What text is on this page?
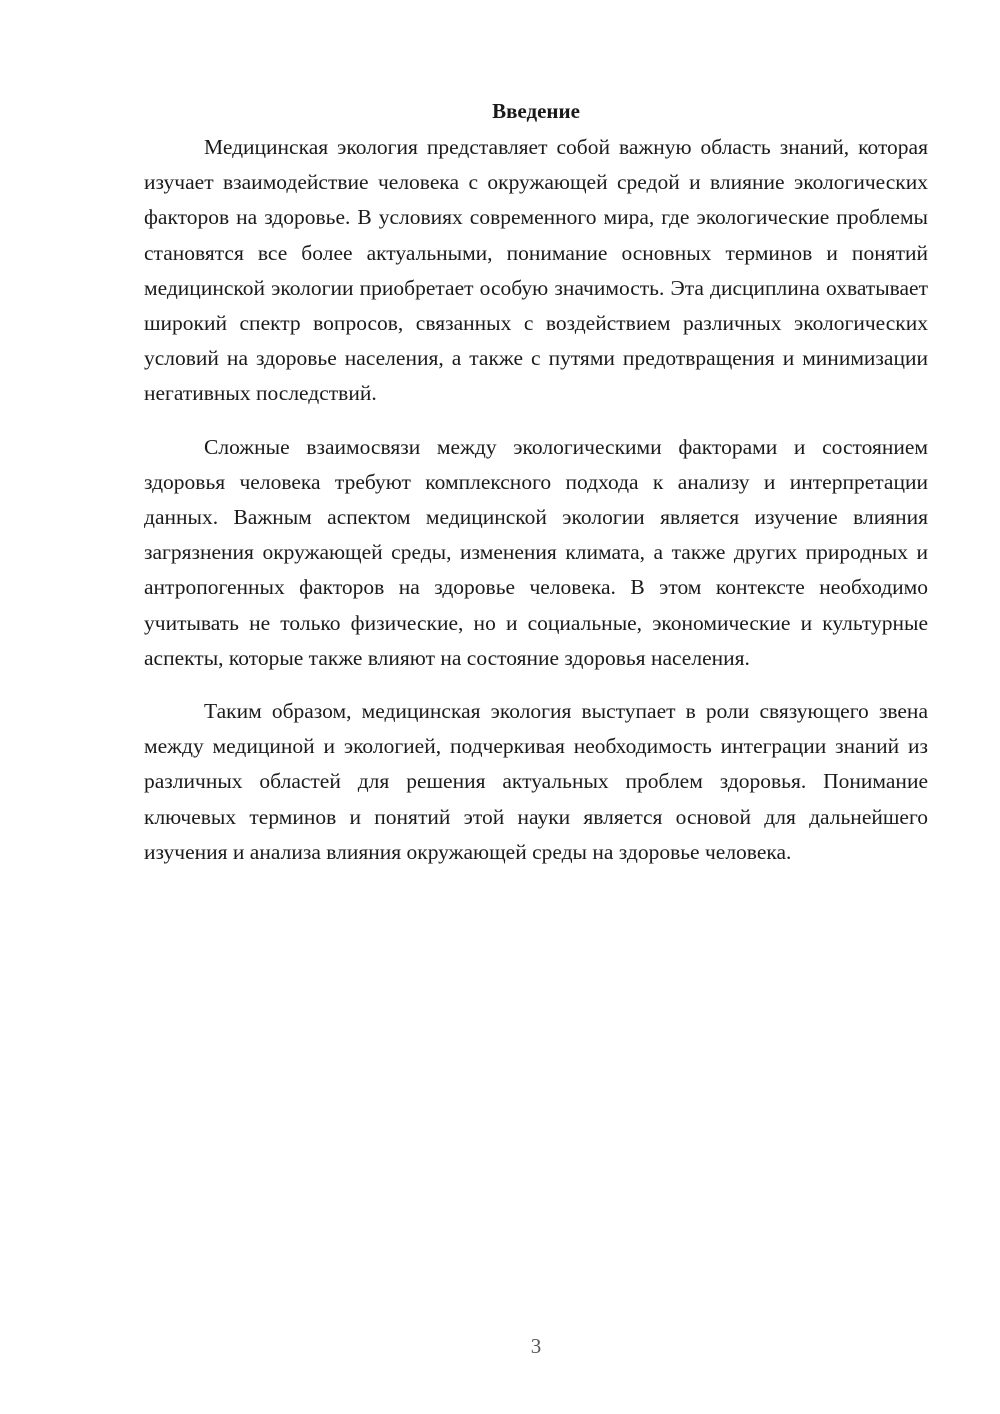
Введение

Медицинская экология представляет собой важную область знаний, которая изучает взаимодействие человека с окружающей средой и влияние экологических факторов на здоровье. В условиях современного мира, где экологические проблемы становятся все более актуальными, понимание основных терминов и понятий медицинской экологии приобретает особую значимость. Эта дисциплина охватывает широкий спектр вопросов, связанных с воздействием различных экологических условий на здоровье населения, а также с путями предотвращения и минимизации негативных последствий.

Сложные взаимосвязи между экологическими факторами и состоянием здоровья человека требуют комплексного подхода к анализу и интерпретации данных. Важным аспектом медицинской экологии является изучение влияния загрязнения окружающей среды, изменения климата, а также других природных и антропогенных факторов на здоровье человека. В этом контексте необходимо учитывать не только физические, но и социальные, экономические и культурные аспекты, которые также влияют на состояние здоровья населения.

Таким образом, медицинская экология выступает в роли связующего звена между медициной и экологией, подчеркивая необходимость интеграции знаний из различных областей для решения актуальных проблем здоровья. Понимание ключевых терминов и понятий этой науки является основой для дальнейшего изучения и анализа влияния окружающей среды на здоровье человека.

3
